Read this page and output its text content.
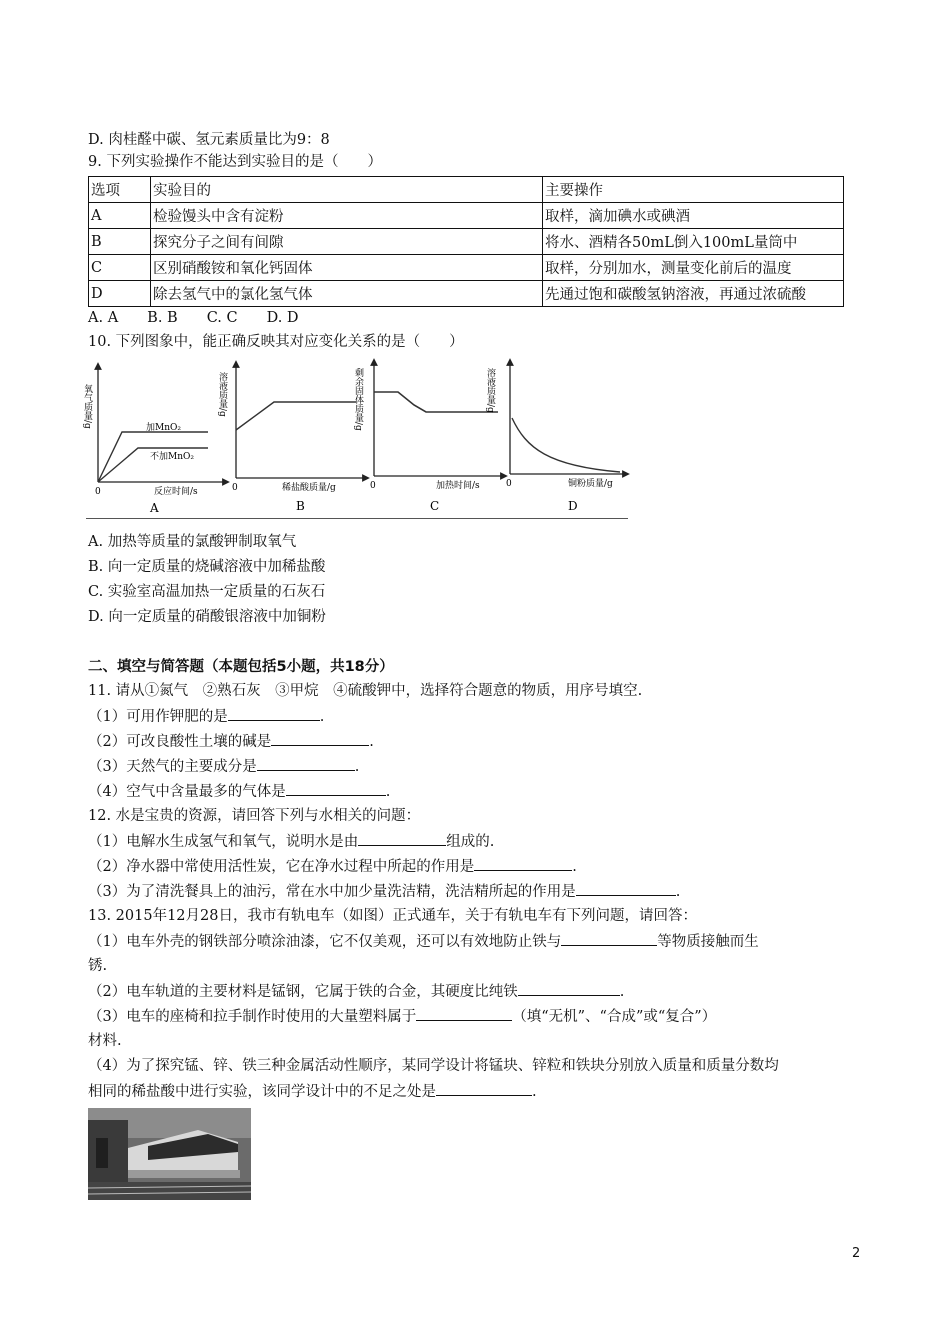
D. 肉桂醛中碳、氢元素质量比为9：8
9. 下列实验操作不能达到实验目的是（　　）
选项	实验目的	主要操作
A	检验馒头中含有淀粉	取样，滴加碘水或碘酒
B	探究分子之间有间隙	将水、酒精各50mL倒入100mL量筒中
C	区别硝酸铵和氧化钙固体	取样，分别加水，测量变化前后的温度
D	除去氢气中的氯化氢气体	先通过饱和碳酸氢钠溶液，再通过浓硫酸
A. A　　B. B　　C. C　　D. D
10. 下列图象中，能正确反映其对应变化关系的是（　　）
氧气质量/g	加MnO₂
不加MnO₂
0	反应时间/s
A
溶液质量/g
0	稀盐酸质量/g
B
剩余固体质量/g
0	加热时间/s
C
溶液质量/g
0	铜粉质量/g
D
A. 加热等质量的氯酸钾制取氧气
B. 向一定质量的烧碱溶液中加稀盐酸
C. 实验室高温加热一定质量的石灰石
D. 向一定质量的硝酸银溶液中加铜粉
二、填空与简答题（本题包括5小题，共18分）
11. 请从①氮气　②熟石灰　③甲烷　④硫酸钾中，选择符合题意的物质，用序号填空.
（1）可用作钾肥的是	.
（2）可改良酸性土壤的碱是	.
（3）天然气的主要成分是	.
（4）空气中含量最多的气体是	.
12. 水是宝贵的资源，请回答下列与水相关的问题：
（1）电解水生成氢气和氧气，说明水是由	组成的.
（2）净水器中常使用活性炭，它在净水过程中所起的作用是	.
（3）为了清洗餐具上的油污，常在水中加少量洗洁精，洗洁精所起的作用是	.
13. 2015年12月28日，我市有轨电车（如图）正式通车，关于有轨电车有下列问题，请回答：
（1）电车外壳的钢铁部分喷涂油漆，它不仅美观，还可以有效地防止铁与	等物质接触而生
锈.
（2）电车轨道的主要材料是锰钢，它属于铁的合金，其硬度比纯铁	.
（3）电车的座椅和拉手制作时使用的大量塑料属于	（填“无机”、“合成”或“复合”）
材料.
（4）为了探究锰、锌、铁三种金属活动性顺序，某同学设计将锰块、锌粒和铁块分别放入质量和质量分数均
相同的稀盐酸中进行实验，该同学设计中的不足之处是	.
2
